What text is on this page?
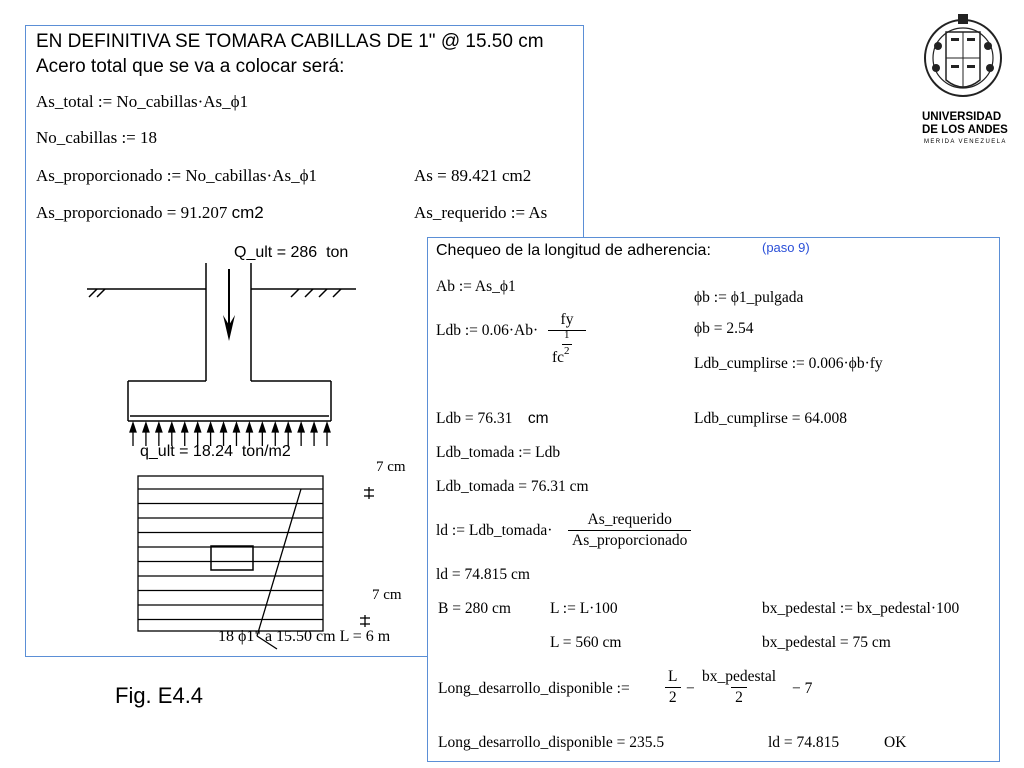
EN DEFINITIVA SE TOMARA CABILLAS DE 1" @ 15.50 cm
Acero total que se va a colocar será:
As_total := No_cabillas·As_ϕ1
No_cabillas := 18
As_proporcionado := No_cabillas·As_ϕ1	As = 89.421 cm2
As_proporcionado = 91.207 cm2	As_requerido := As
Q_ult = 286 ton
q_ult = 18.24 ton/m2
7 cm
7 cm
18 ϕ1" a 15.50 cm L = 6 m
Chequeo de la longitud de adherencia:	(paso 9)
Ab := As_ϕ1
ϕb := ϕ1_pulgada
Ldb := 0.06·Ab· fy
1
2
fc	ϕb = 2.54
Ldb_cumplirse := 0.006·ϕb·fy
Ldb = 76.31 cm	Ldb_cumplirse = 64.008
Ldb_tomada := Ldb
Ldb_tomada = 76.31 cm
ld := Ldb_tomada·
As_requerido
As_proporcionado
ld = 74.815 cm
B = 280 cm	L := L·100	bx_pedestal := bx_pedestal·100
L = 560 cm	bx_pedestal = 75 cm
Long_desarrollo_disponible := $\frac{L}{2}$ −
bx_pedestal
2
− 7
Long_desarrollo_disponible = 235.5	ld = 74.815	OK
UNIVERSIDAD
DE LOS ANDES
MERIDA VENEZUELA
Fig. E4.4
